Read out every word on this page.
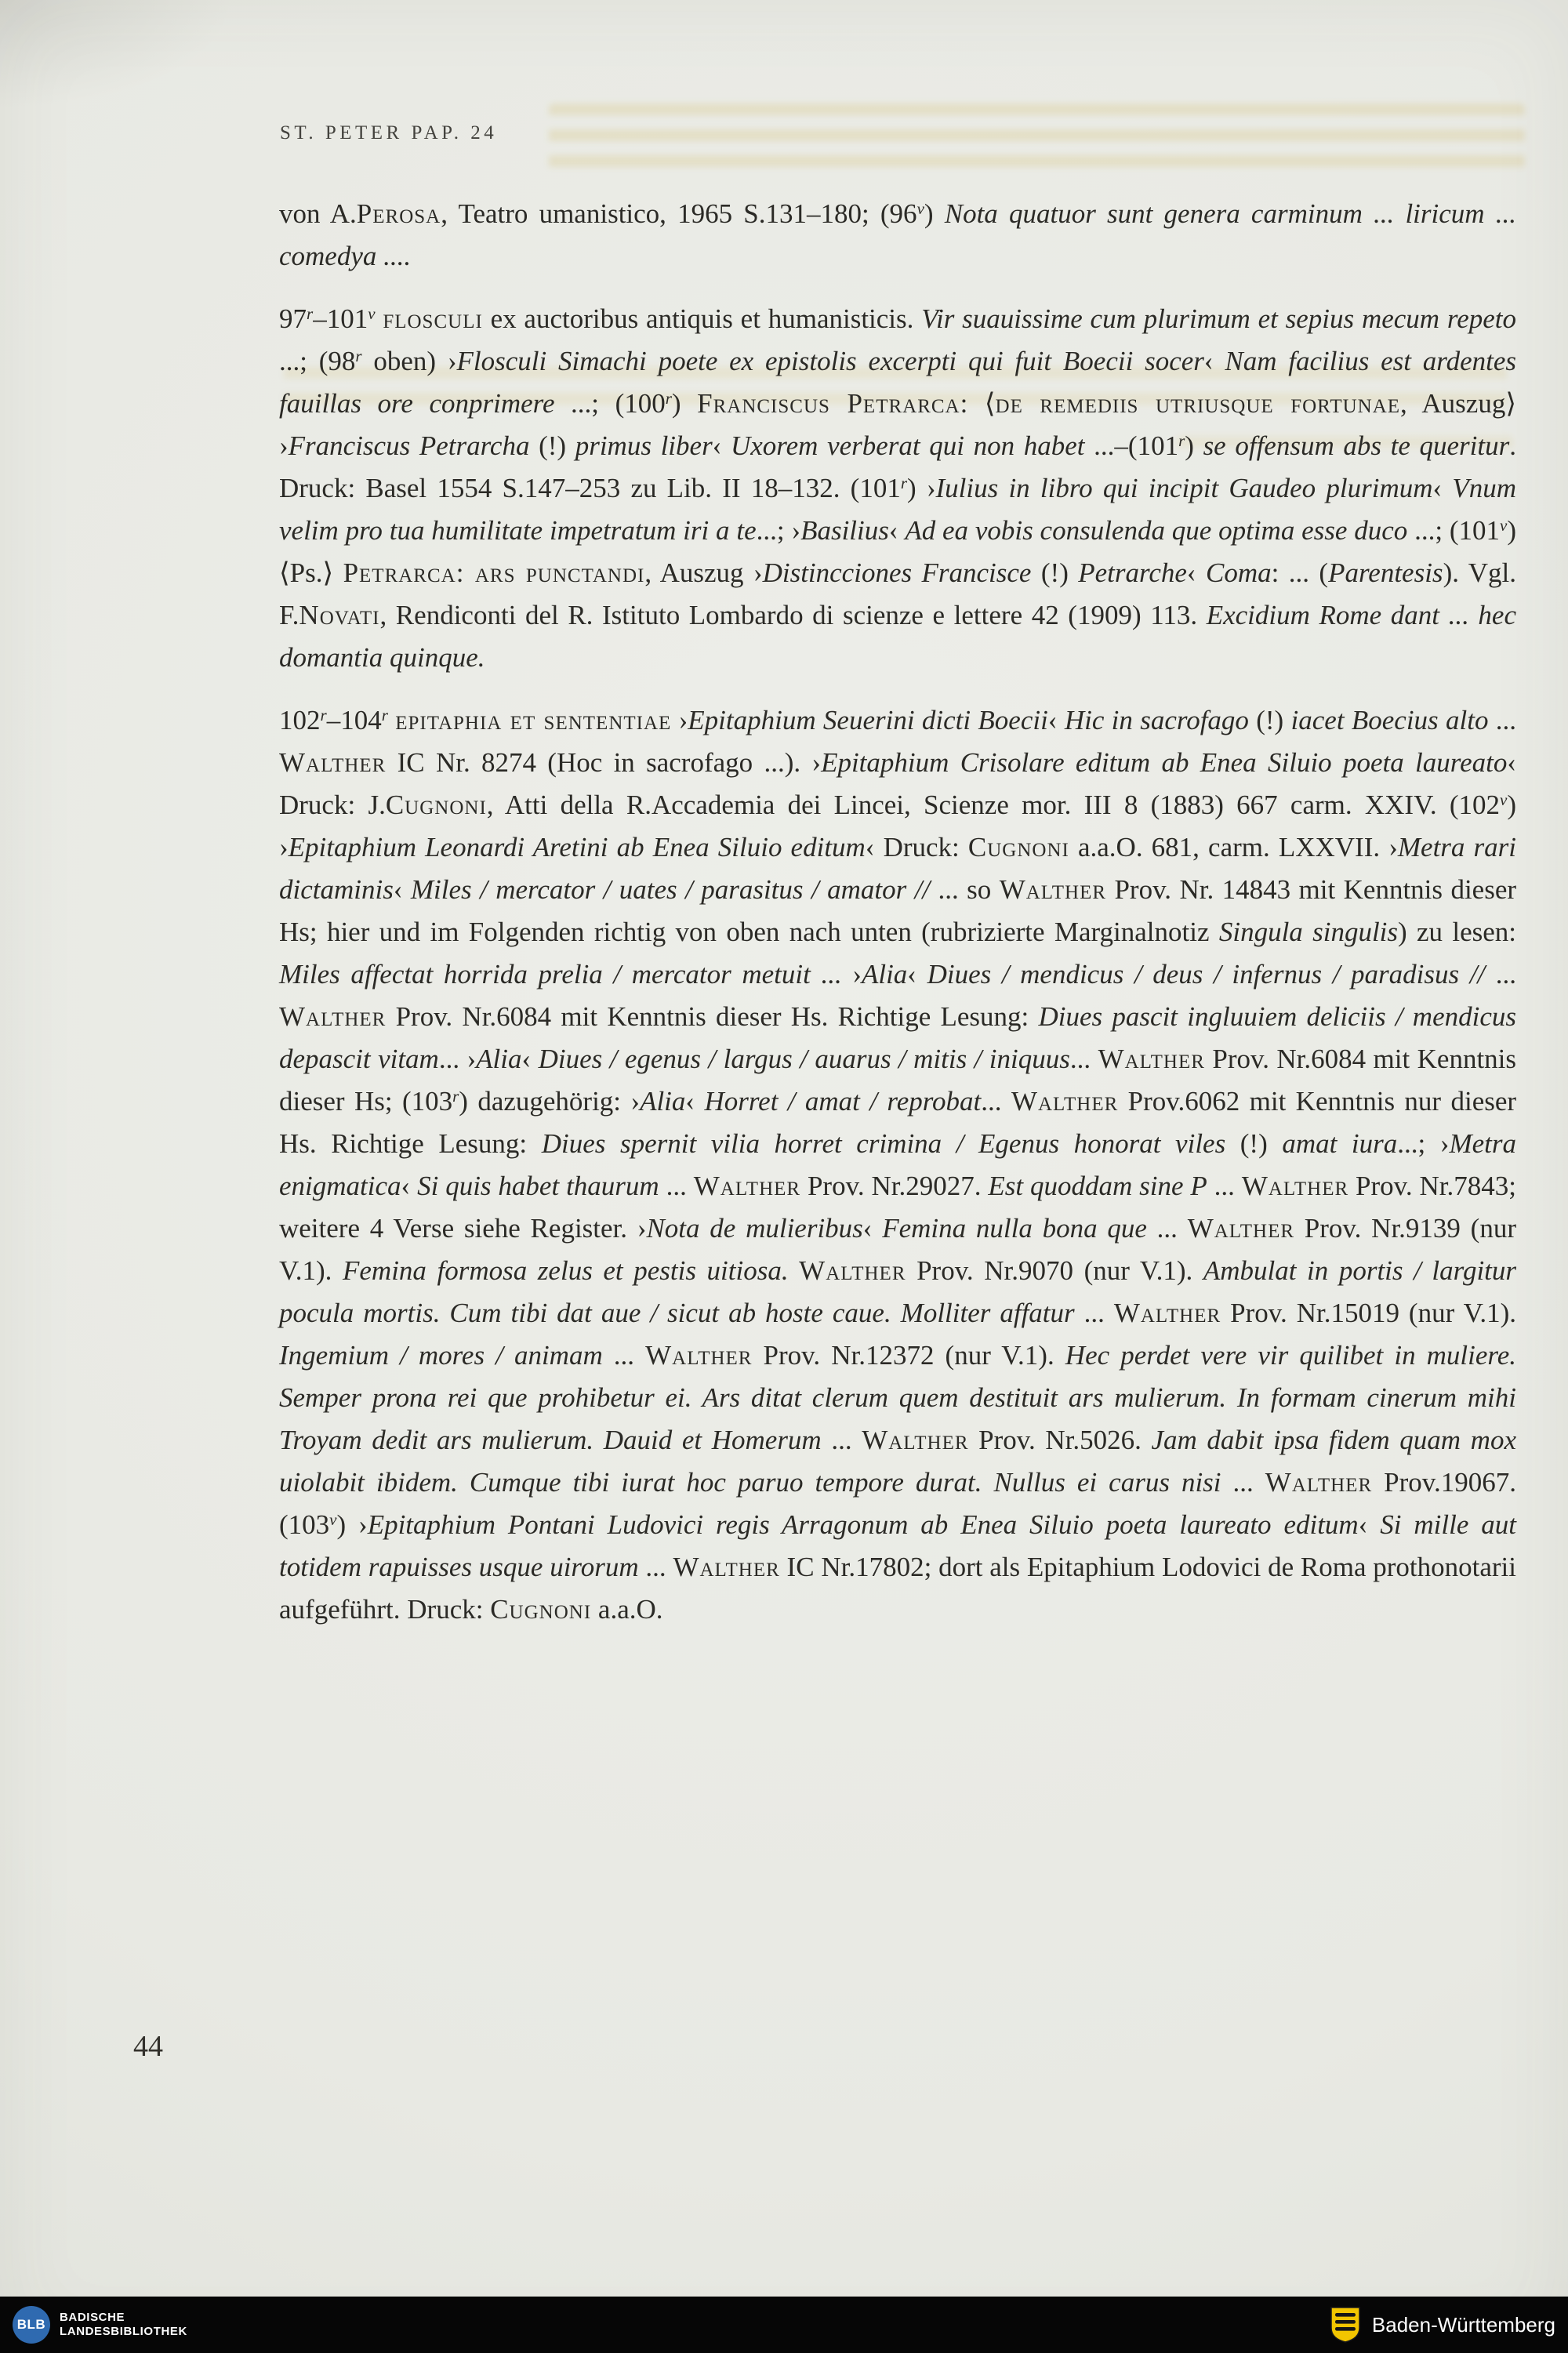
ST. PETER PAP. 24

von A.Perosa, Teatro umanistico, 1965 S.131–180; (96$^v$) Nota quatuor sunt genera carminum ... liricum ... comedya ....

97$^r$–101$^v$ flosculi ex auctoribus antiquis et humanisticis. Vir suauissime cum plurimum et sepius mecum repeto ...; (98$^r$ oben) ›Flosculi Simachi poete ex epistolis excerpti qui fuit Boecii socer‹ Nam facilius est ardentes fauillas ore conprimere ...; (100$^r$) Franciscus Petrarca: ⟨de remediis utriusque fortunae, Auszug⟩ ›Franciscus Petrarcha (!) primus liber‹ Uxorem verberat qui non habet ...–(101$^r$) se offensum abs te queritur. Druck: Basel 1554 S.147–253 zu Lib. II 18–132. (101$^r$) ›Iulius in libro qui incipit Gaudeo plurimum‹ Vnum velim pro tua humilitate impetratum iri a te...; ›Basilius‹ Ad ea vobis consulenda que optima esse duco ...; (101$^v$) ⟨Ps.⟩ Petrarca: ars punctandi, Auszug ›Distincciones Francisce (!) Petrarche‹ Coma: ... (Parentesis). Vgl. F.Novati, Rendiconti del R. Istituto Lombardo di scienze e lettere 42 (1909) 113. Excidium Rome dant ... hec domantia quinque.

102$^r$–104$^r$ epitaphia et sententiae ›Epitaphium Seuerini dicti Boecii‹ Hic in sacrofago (!) iacet Boecius alto ... Walther IC Nr. 8274 (Hoc in sacrofago ...). ›Epitaphium Crisolare editum ab Enea Siluio poeta laureato‹ Druck: J.Cugnoni, Atti della R.Accademia dei Lincei, Scienze mor. III 8 (1883) 667 carm. XXIV. (102$^v$) ›Epitaphium Leonardi Aretini ab Enea Siluio editum‹ Druck: Cugnoni a.a.O. 681, carm. LXXVII. ›Metra rari dictaminis‹ Miles / mercator / uates / parasitus / amator // ... so Walther Prov. Nr. 14843 mit Kenntnis dieser Hs; hier und im Folgenden richtig von oben nach unten (rubrizierte Marginalnotiz Singula singulis) zu lesen: Miles affectat horrida prelia / mercator metuit ... ›Alia‹ Diues / mendicus / deus / infernus / paradisus // ... Walther Prov. Nr.6084 mit Kenntnis dieser Hs. Richtige Lesung: Diues pascit ingluuiem deliciis / mendicus depascit vitam... ›Alia‹ Diues / egenus / largus / auarus / mitis / iniquus... Walther Prov. Nr.6084 mit Kenntnis dieser Hs; (103$^r$) dazugehörig: ›Alia‹ Horret / amat / reprobat... Walther Prov.6062 mit Kenntnis nur dieser Hs. Richtige Lesung: Diues spernit vilia horret crimina / Egenus honorat viles (!) amat iura...; ›Metra enigmatica‹ Si quis habet thaurum ... Walther Prov. Nr.29027. Est quoddam sine P ... Walther Prov. Nr.7843; weitere 4 Verse siehe Register. ›Nota de mulieribus‹ Femina nulla bona que ... Walther Prov. Nr.9139 (nur V.1). Femina formosa zelus et pestis uitiosa. Walther Prov. Nr.9070 (nur V.1). Ambulat in portis / largitur pocula mortis. Cum tibi dat aue / sicut ab hoste caue. Molliter affatur ... Walther Prov. Nr.15019 (nur V.1). Ingemium / mores / animam ... Walther Prov. Nr.12372 (nur V.1). Hec perdet vere vir quilibet in muliere. Semper prona rei que prohibetur ei. Ars ditat clerum quem destituit ars mulierum. In formam cinerum mihi Troyam dedit ars mulierum. Dauid et Homerum ... Walther Prov. Nr.5026. Jam dabit ipsa fidem quam mox uiolabit ibidem. Cumque tibi iurat hoc paruo tempore durat. Nullus ei carus nisi ... Walther Prov.19067. (103$^v$) ›Epitaphium Pontani Ludovici regis Arragonum ab Enea Siluio poeta laureato editum‹ Si mille aut totidem rapuisses usque uirorum ... Walther IC Nr.17802; dort als Epitaphium Lodovici de Roma prothonotarii aufgeführt. Druck: Cugnoni a.a.O.

44
BLB BADISCHE
LANDESBIBLIOTHEK	Baden-Württemberg
